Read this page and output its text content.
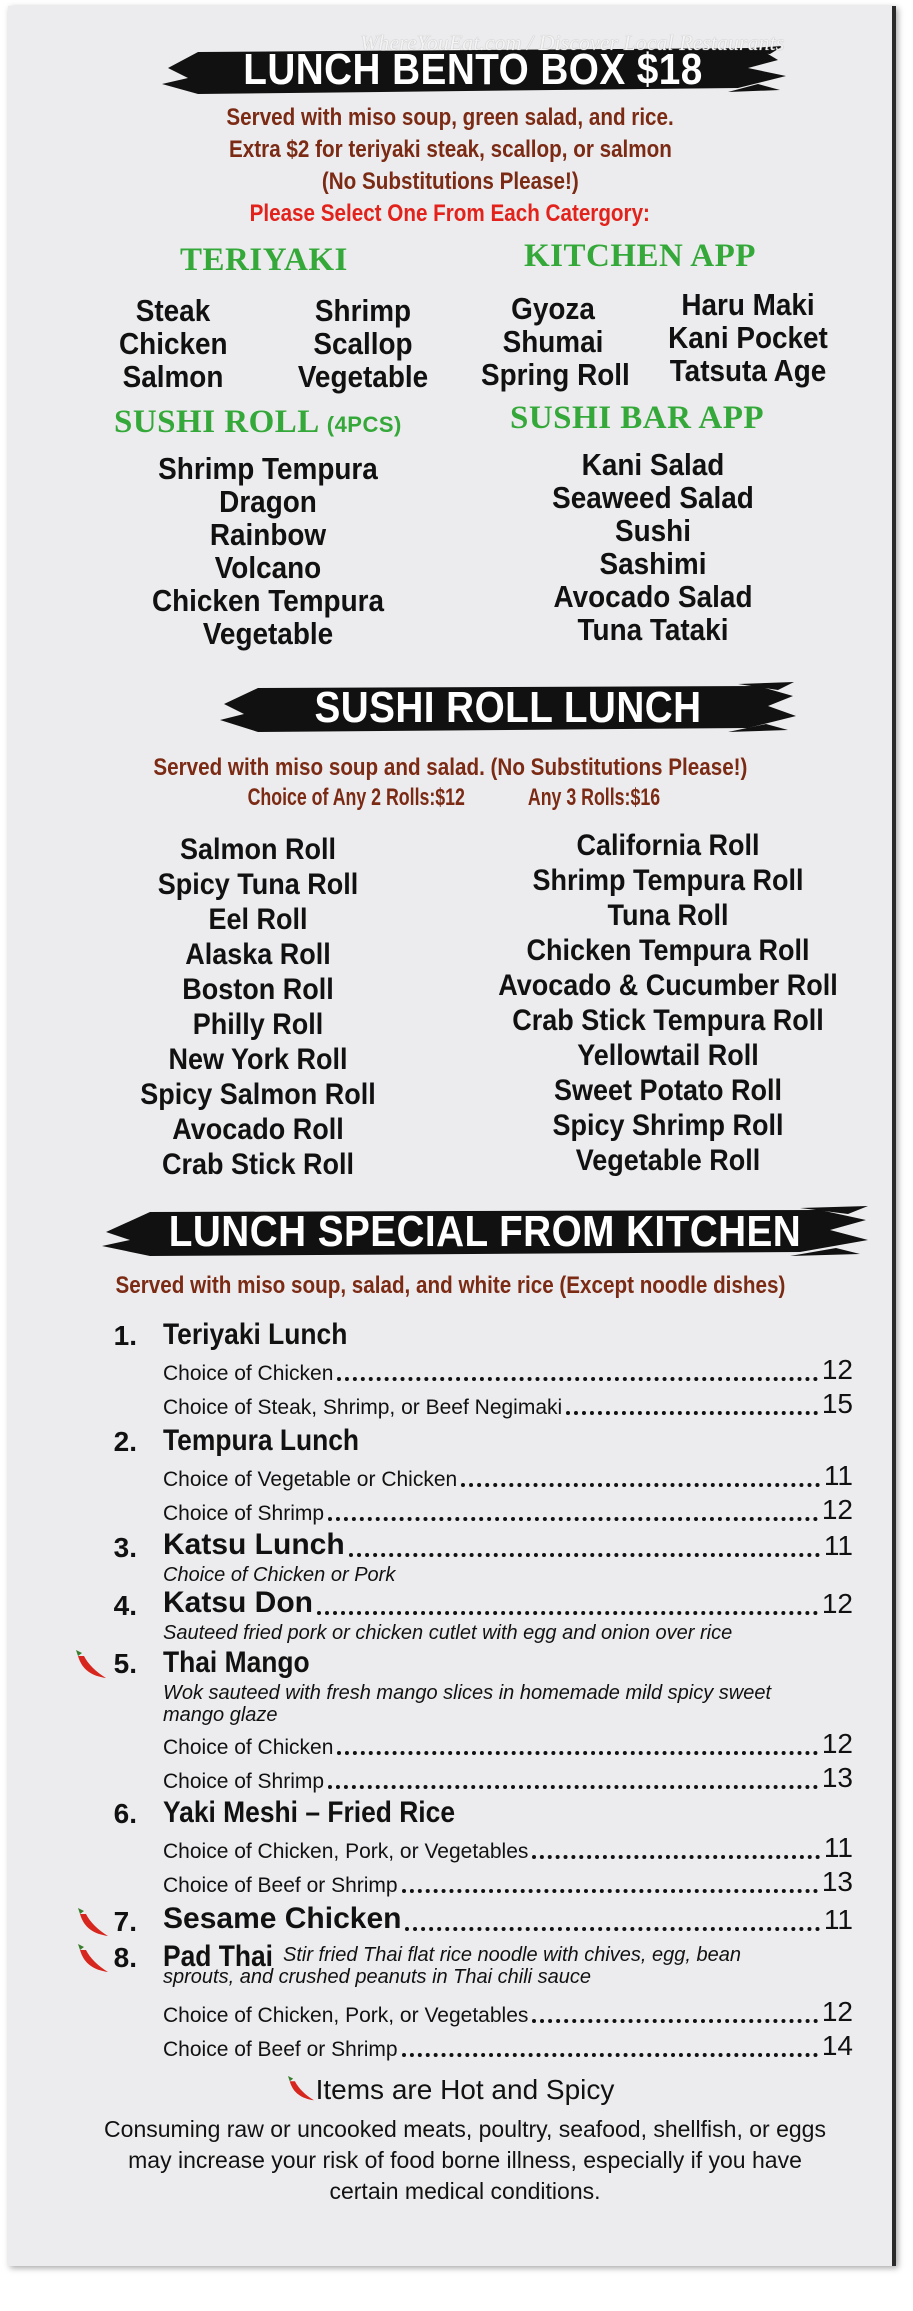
WhereYouEat.com / Discover Local Restaurants
LUNCH BENTO BOX $18
Served with miso soup, green salad, and rice.
Extra $2 for teriyaki steak, scallop, or salmon
(No Substitutions Please!)
Please Select One From Each Catergory:
TERIYAKI	KITCHEN APP
Steak
Chicken
Salmon
Shrimp
Scallop
Vegetable
Gyoza
Shumai
Spring Roll
Haru Maki
Kani Pocket
Tatsuta Age
SUSHI ROLL (4PCS)	SUSHI BAR APP
Shrimp Tempura
Dragon
Rainbow
Volcano
Chicken Tempura
Vegetable
Kani Salad
Seaweed Salad
Sushi
Sashimi
Avocado Salad
Tuna Tataki
SUSHI ROLL LUNCH
Served with miso soup and salad. (No Substitutions Please!)
Choice of Any 2 Rolls:$12	Any 3 Rolls:$16
Salmon Roll
Spicy Tuna Roll
Eel Roll
Alaska Roll
Boston Roll
Philly Roll
New York Roll
Spicy Salmon Roll
Avocado Roll
Crab Stick Roll
California Roll
Shrimp Tempura Roll
Tuna Roll
Chicken Tempura Roll
Avocado & Cucumber Roll
Crab Stick Tempura Roll
Yellowtail Roll
Sweet Potato Roll
Spicy Shrimp Roll
Vegetable Roll
LUNCH SPECIAL FROM KITCHEN
Served with miso soup, salad, and white rice (Except noodle dishes)
1. Teriyaki Lunch
Choice of Chicken	12
Choice of Steak, Shrimp, or Beef Negimaki	15
2. Tempura Lunch
Choice of Vegetable or Chicken	11
Choice of Shrimp	12
3. Katsu Lunch	11
Choice of Chicken or Pork
4. Katsu Don	12
Sauteed fried pork or chicken cutlet with egg and onion over rice
5. Thai Mango
Wok sauteed with fresh mango slices in homemade mild spicy sweet mango glaze
Choice of Chicken	12
Choice of Shrimp	13
6. Yaki Meshi – Fried Rice
Choice of Chicken, Pork, or Vegetables	11
Choice of Beef or Shrimp	13
7. Sesame Chicken	11
8. Pad Thai Stir fried Thai flat rice noodle with chives, egg, bean sprouts, and crushed peanuts in Thai chili sauce
Choice of Chicken, Pork, or Vegetables	12
Choice of Beef or Shrimp	14
Items are Hot and Spicy
Consuming raw or uncooked meats, poultry, seafood, shellfish, or eggs may increase your risk of food borne illness, especially if you have certain medical conditions.
